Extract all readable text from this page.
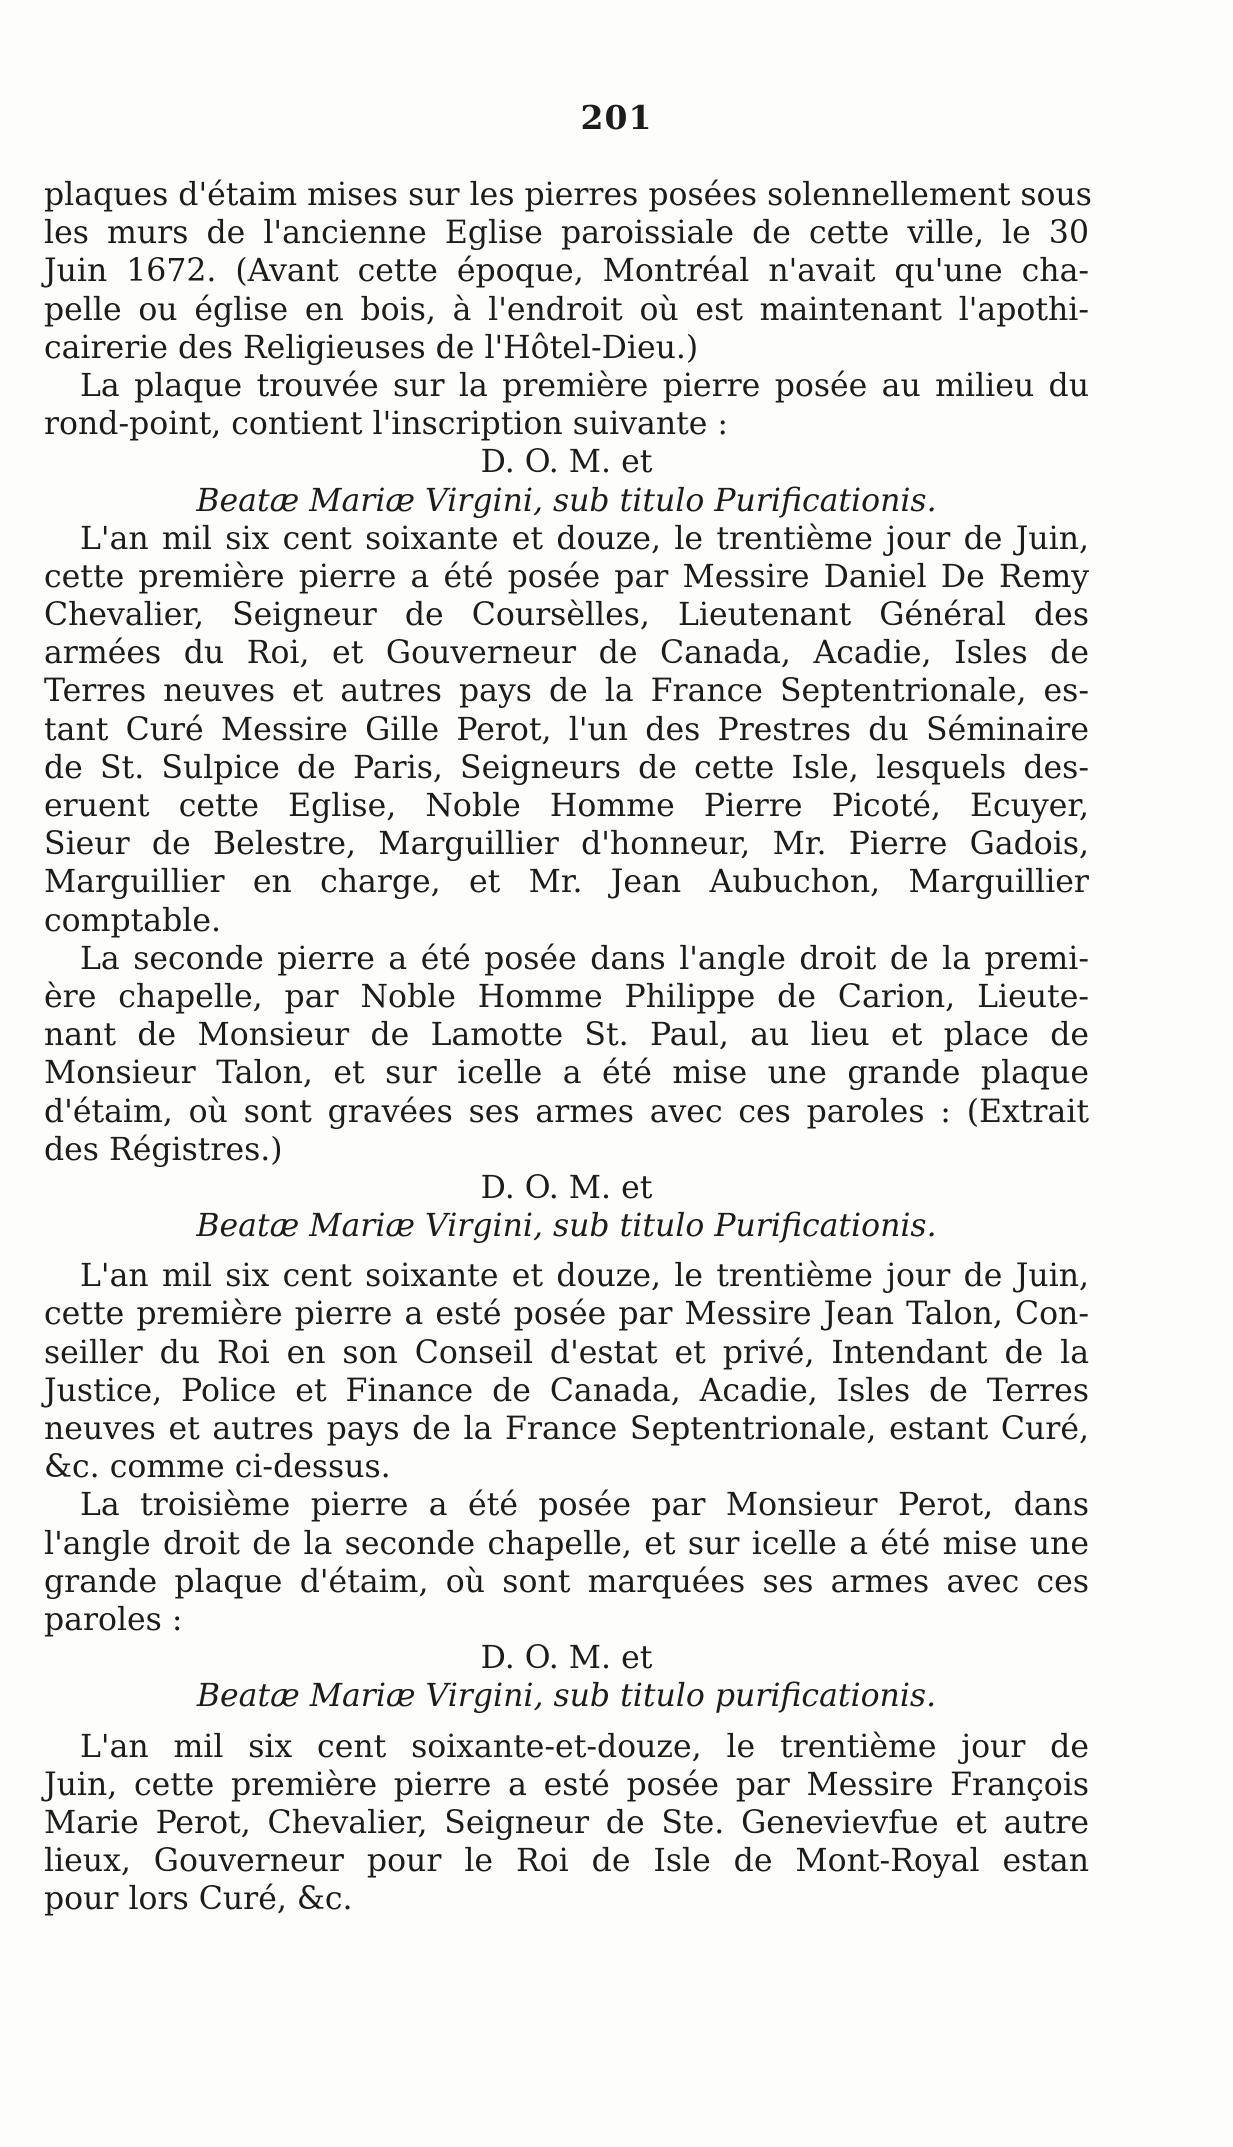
201
plaques d'étaim mises sur les pierres posées solennellement sous
les murs de l'ancienne Eglise paroissiale de cette ville, le 30
Juin 1672. (Avant cette époque, Montréal n'avait qu'une cha-
pelle ou église en bois, à l'endroit où est maintenant l'apothi-
cairerie des Religieuses de l'Hôtel-Dieu.)
La plaque trouvée sur la première pierre posée au milieu du
rond-point, contient l'inscription suivante :
D. O. M. et
Beatæ Mariæ Virgini, sub titulo Purificationis.
L'an mil six cent soixante et douze, le trentième jour de Juin,
cette première pierre a été posée par Messire Daniel De Remy
Chevalier, Seigneur de Coursèlles, Lieutenant Général des
armées du Roi, et Gouverneur de Canada, Acadie, Isles de
Terres neuves et autres pays de la France Septentrionale, es-
tant Curé Messire Gille Perot, l'un des Prestres du Séminaire
de St. Sulpice de Paris, Seigneurs de cette Isle, lesquels des-
eruent cette Eglise, Noble Homme Pierre Picoté, Ecuyer,
Sieur de Belestre, Marguillier d'honneur, Mr. Pierre Gadois,
Marguillier en charge, et Mr. Jean Aubuchon, Marguillier
comptable.
La seconde pierre a été posée dans l'angle droit de la premi-
ère chapelle, par Noble Homme Philippe de Carion, Lieute-
nant de Monsieur de Lamotte St. Paul, au lieu et place de
Monsieur Talon, et sur icelle a été mise une grande plaque
d'étaim, où sont gravées ses armes avec ces paroles : (Extrait
des Régistres.)
D. O. M. et
Beatæ Mariæ Virgini, sub titulo Purificationis.
L'an mil six cent soixante et douze, le trentième jour de Juin,
cette première pierre a esté posée par Messire Jean Talon, Con-
seiller du Roi en son Conseil d'estat et privé, Intendant de la
Justice, Police et Finance de Canada, Acadie, Isles de Terres
neuves et autres pays de la France Septentrionale, estant Curé,
&c. comme ci-dessus.
La troisième pierre a été posée par Monsieur Perot, dans
l'angle droit de la seconde chapelle, et sur icelle a été mise une
grande plaque d'étaim, où sont marquées ses armes avec ces
paroles :
D. O. M. et
Beatæ Mariæ Virgini, sub titulo purificationis.
L'an mil six cent soixante-et-douze, le trentième jour de
Juin, cette première pierre a esté posée par Messire François
Marie Perot, Chevalier, Seigneur de Ste. Genevievfue et autre
lieux, Gouverneur pour le Roi de Isle de Mont-Royal estan
pour lors Curé, &c.
